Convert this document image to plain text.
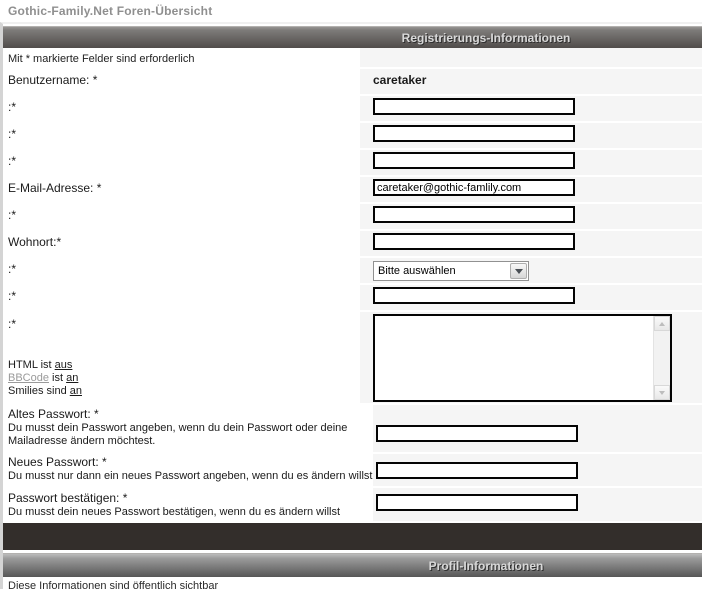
Gothic-Family.Net Foren-Übersicht
Registrierungs-Informationen
Mit * markierte Felder sind erforderlich
Benutzername: *	caretaker
:*
:*
:*
E-Mail-Adresse: *
caretaker@gothic-famlily.com
:*
Wohnort:*
:*	Bitte auswählen
:*
:*
HTML ist aus
BBCode ist an
Smilies sind an
Altes Passwort: *
Du musst dein Passwort angeben, wenn du dein Passwort oder deine Mailadresse ändern möchtest.
Neues Passwort: *
Du musst nur dann ein neues Passwort angeben, wenn du es ändern willst
Passwort bestätigen: *
Du musst dein neues Passwort bestätigen, wenn du es ändern willst
Profil-Informationen
Diese Informationen sind öffentlich sichtbar
